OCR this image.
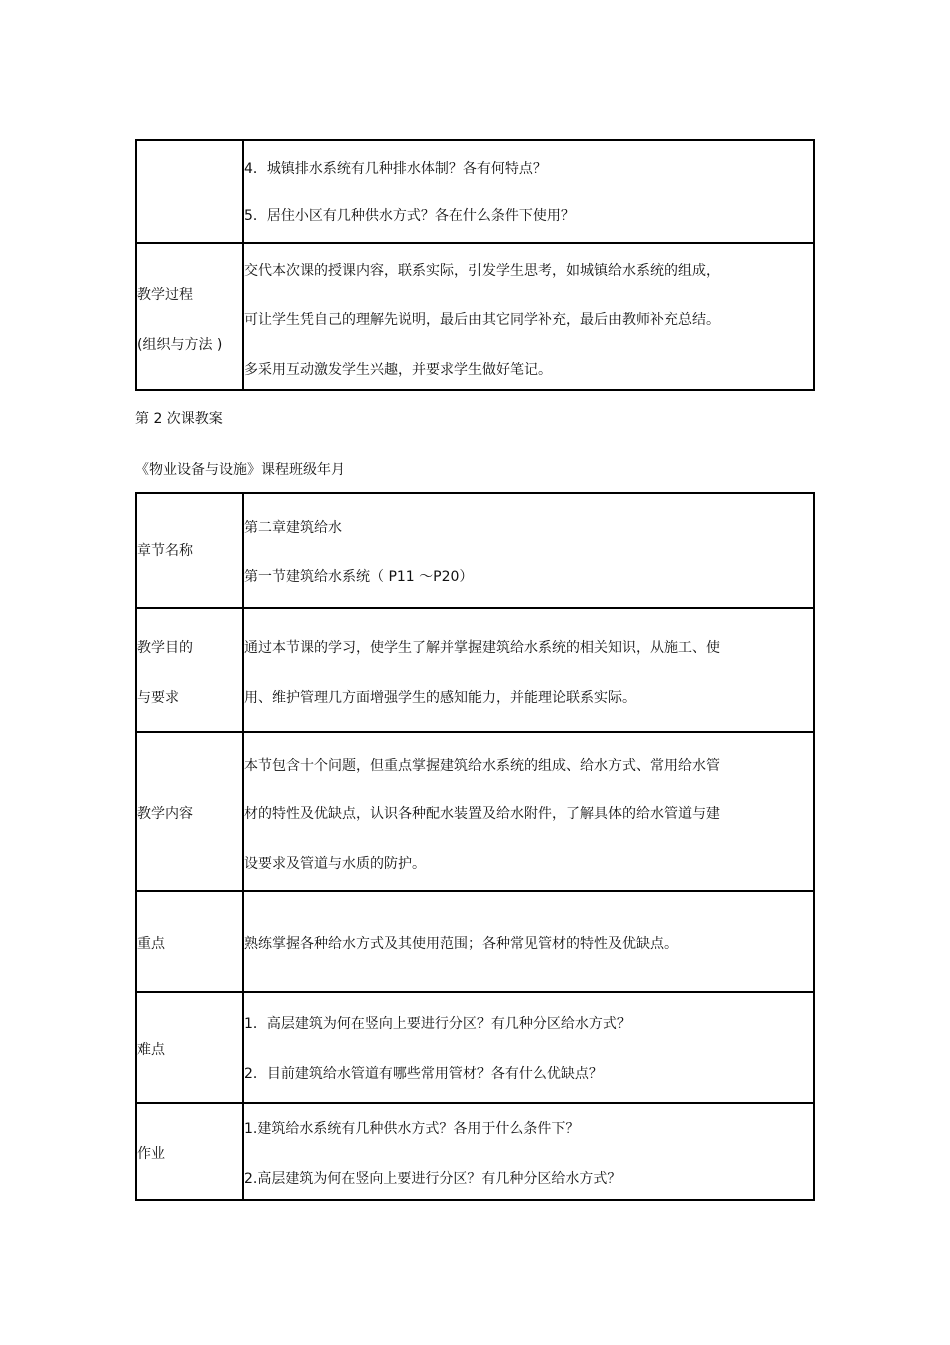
4．城镇排水系统有几种排水体制？各有何特点？
5．居住小区有几种供水方式？各在什么条件下使用？
教学过程
(组织与方法 )
交代本次课的授课内容，联系实际，引发学生思考，如城镇给水系统的组成，
可让学生凭自己的理解先说明，最后由其它同学补充，最后由教师补充总结。
多采用互动激发学生兴趣，并要求学生做好笔记。
第 2 次课教案
《物业设备与设施》课程班级年月
章节名称
第二章建筑给水
第一节建筑给水系统（ P11 ～P20）
教学目的
与要求
通过本节课的学习，使学生了解并掌握建筑给水系统的相关知识，从施工、使
用、维护管理几方面增强学生的感知能力，并能理论联系实际。
教学内容
本节包含十个问题，但重点掌握建筑给水系统的组成、给水方式、常用给水管
材的特性及优缺点，认识各种配水装置及给水附件，了解具体的给水管道与建
设要求及管道与水质的防护。
重点	熟练掌握各种给水方式及其使用范围；各种常见管材的特性及优缺点。
难点
1．高层建筑为何在竖向上要进行分区？有几种分区给水方式？
2．目前建筑给水管道有哪些常用管材？各有什么优缺点？
作业
1.建筑给水系统有几种供水方式？各用于什么条件下？
2.高层建筑为何在竖向上要进行分区？有几种分区给水方式？
